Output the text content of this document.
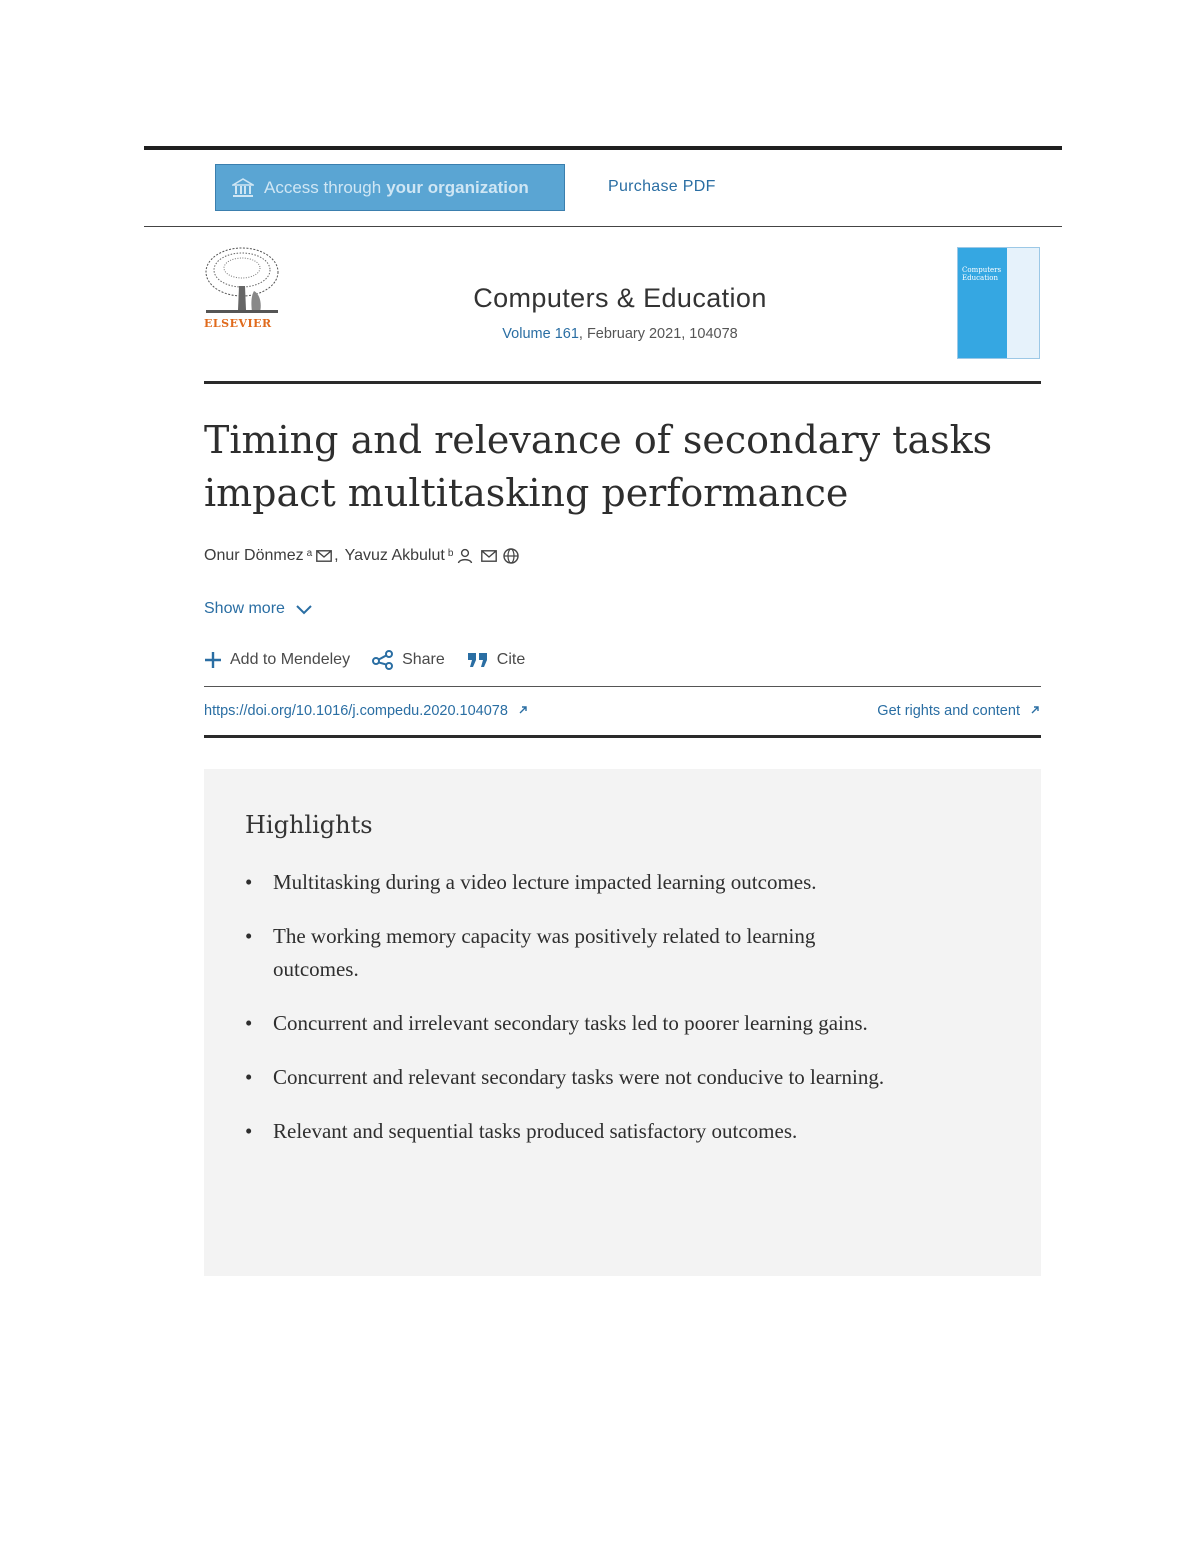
Access through your organization	Purchase PDF
ELSEVIER
Computers & Education
Volume 161, February 2021, 104078
Computers
Education
Timing and relevance of secondary tasks impact multitasking performance
Onur Dönmez $^a$ , Yavuz Akbulut $^b$
Show more
Add to Mendeley	Share	Cite
https://doi.org/10.1016/j.compedu.2020.104078	Get rights and content
Highlights
• Multitasking during a video lecture impacted learning outcomes.
• The working memory capacity was positively related to learning outcomes.
• Concurrent and irrelevant secondary tasks led to poorer learning gains.
• Concurrent and relevant secondary tasks were not conducive to learning.
• Relevant and sequential tasks produced satisfactory outcomes.
